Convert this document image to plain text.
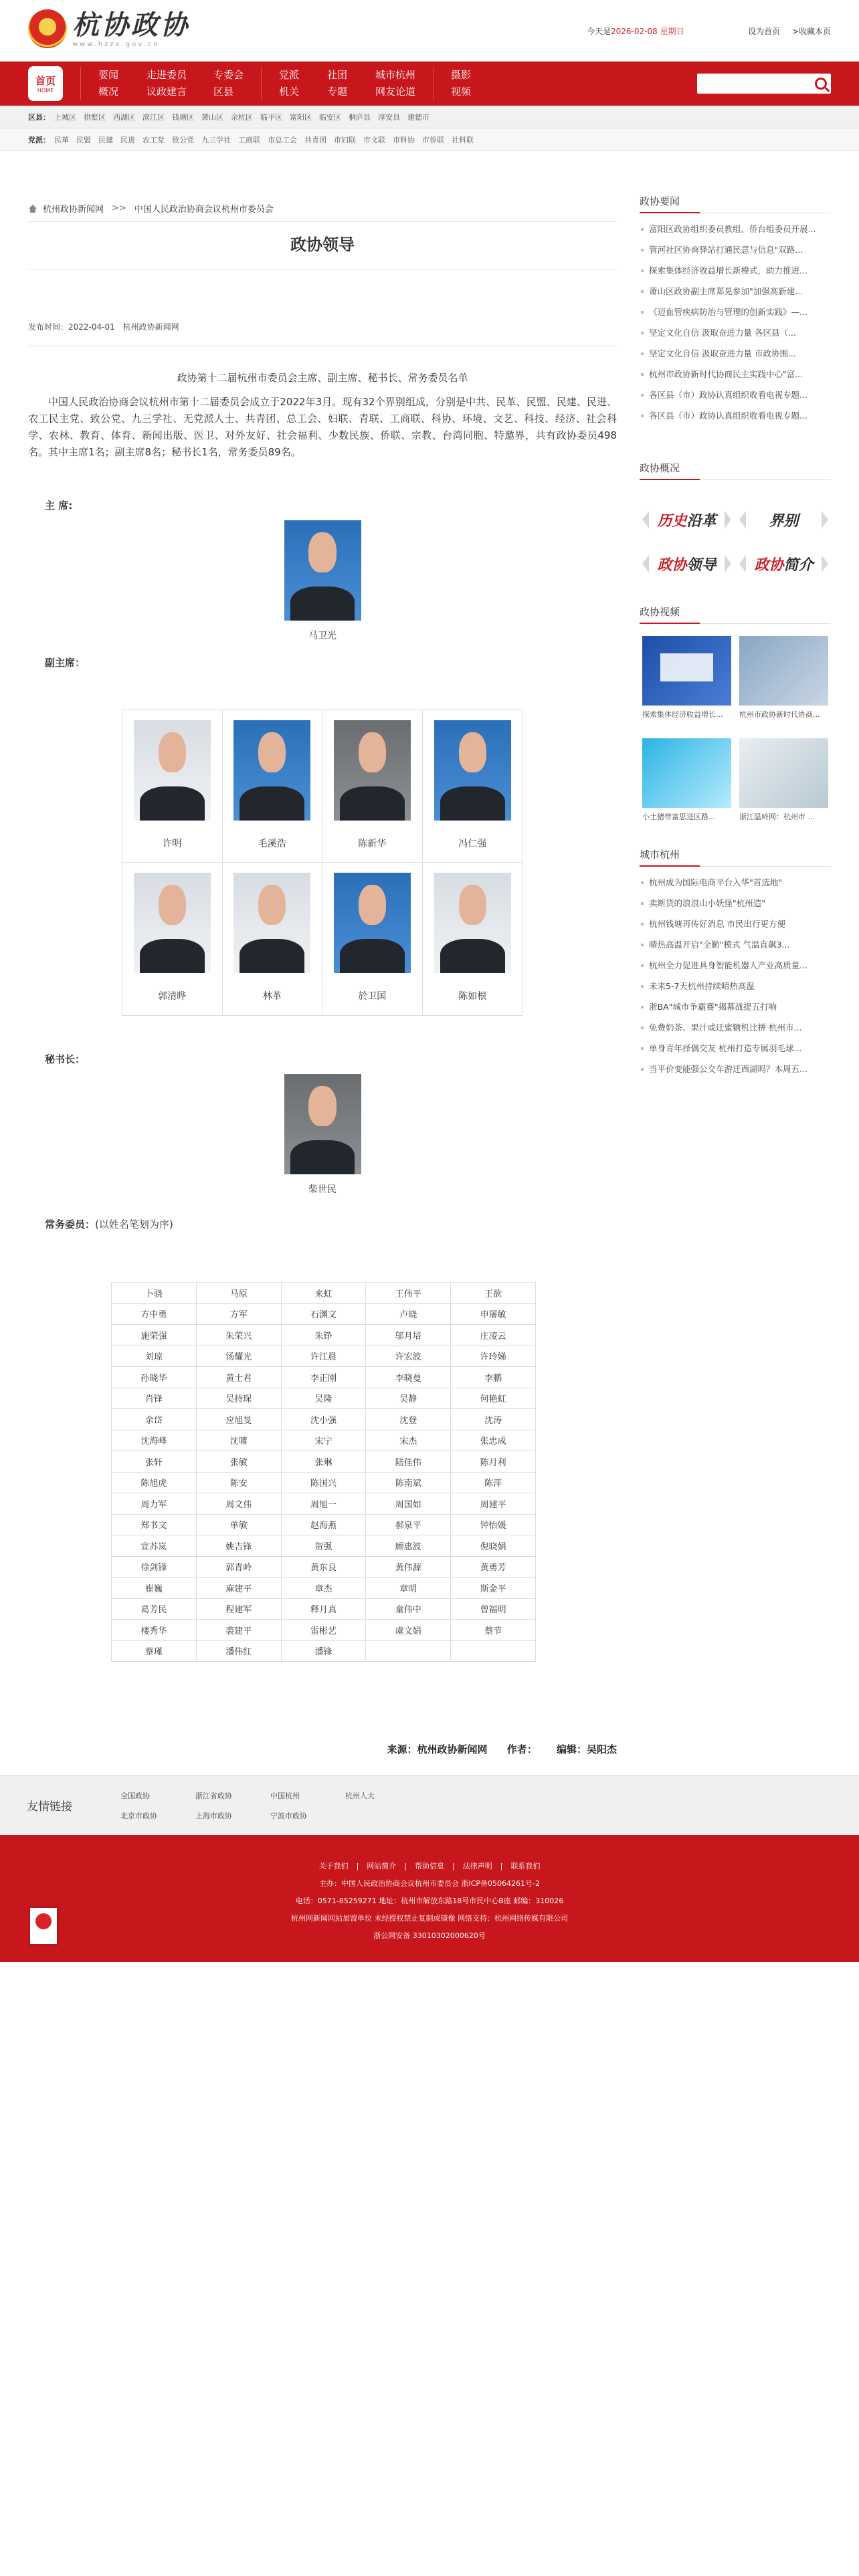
杭协政协
www.hzzx.gov.cn
今天是2026-02-08 星期日	设为首页 >收藏本页
首页
HOME
要闻	走进委员	专委会
概况	议政建言	区县
党派	社团	城市杭州
机关	专题	网友论道
摄影
视频
区县： 上城区 拱墅区 西湖区 滨江区 钱塘区 萧山区 余杭区 临平区 富阳区 临安区 桐庐县 淳安县 建德市
党派： 民革 民盟 民建 民进 农工党 致公党 九三学社 工商联 市总工会 共青团 市妇联 市文联 市科协 市侨联 社科联
杭州政协新闻网 >> 中国人民政治协商会议杭州市委员会
政协领导
发布时间：2022-04-01 杭州政协新闻网
政协第十二届杭州市委员会主席、副主席、秘书长、常务委员名单
中国人民政治协商会议杭州市第十二届委员会成立于2022年3月。现有32个界别组成，分别是中共、民革、民盟、民建、民进、农工民主党、致公党、九三学社、无党派人士、共青团、总工会、妇联、青联、工商联、科协、环境、文艺、科技、经济、社会科学、农林、教育、体育、新闻出版、医卫、对外友好、社会福利、少数民族、侨联、宗教、台湾同胞、特邀界，共有政协委员498名。其中主席1名；副主席8名；秘书长1名，常务委员89名。
主 席:
马卫光
副主席：
许明	毛溪浩	陈新华	冯仁强
郭清晔	林革	於卫国	陈如根
秘书长：
柴世民
常务委员：(以姓名笔划为序)
卜骁	马原	来虹	王伟平	王欲
方中勇	方军	石渊文	卢晓	申屠敏
施荣强	朱荣兴	朱铮	邬月培	庄凌云
刘琼	汤耀光	许江晨	许宏波	许玲娣
孙晓华	黄士君	李正刚	李晓曼	李鹏
肖锋	吴持琛	吴隆	吴静	何艳虹
余岱	应旭旻	沈小强	沈登	沈涛
沈海峰	沈啸	宋宁	宋杰	张忠成
张轩	张敏	张琳	陆佳伟	陈月利
陈旭虎	陈安	陈国兴	陈南斌	陈萍
周力军	周文伟	周旭一	周国如	周建平
郑书文	单敏	赵海燕	郝泉平	钟怡媛
宣苏岚	姚吉锋	贺强	顾惠波	倪晓娟
徐剑锋	郭青岭	黄东良	黄伟源	黄勇芳
崔巍	麻建平	章杰	章明	斯金平
葛芳民	程建军	释月真	童伟中	曾福明
楼秀华	裘建平	雷彬艺	虞文娟	蔡节
蔡瑾	潘伟红	潘锋		
来源：杭州政协新闻网 作者： 编辑：吴阳杰
政协要闻
富阳区政协组织委员教组、侨台组委员开展...
管河社区协商驿站打通民意与信息"双路...
探索集体经济收益增长新模式，助力推进...
萧山区政协副主席郑晃参加"加强高新建...
《迈血管疾病防治与管理的创新实践》—...
坚定文化自信 汲取奋进力量 各区县（...
坚定文化自信 汲取奋进力量 市政协围...
杭州市政协新时代协商民主实践中心"富...
各区县（市）政协认真组织收看电视专题...
各区县（市）政协认真组织收看电视专题...
政协概况
历史 沿革	界别
政协 领导	政协 简介
政协视频
探索集体经济收益增长...	杭州市政协新时代协商...
小土猪带富思进区路...	浙江温岭网：杭州市 ...
城市杭州
杭州成为国际电商平台入华"首选地"
卖断货的浪浪山小妖怪"杭州造"
杭州钱塘再传好消息 市民出行更方便
晴热高温开启"全勤"模式 气温直飙3...
杭州全力促进具身智能机器人产业高质量...
未来5-7天杭州持续晴热高温
浙BA"城市争霸赛"揭幕战提五打响
免费奶茶、果汁或迁蜜糖机比拼 杭州市...
单身青年择偶交友 杭州打造专属羽毛球...
当平价变能强公交车游迁西湖吗？本周五...
友情链接
全国政协	浙江省政协	中国杭州	杭州人大
北京市政协	上海市政协	宁波市政协
关于我们 | 网站简介 | 帮助信息 | 法律声明 | 联系我们

主办：中国人民政治协商会议杭州市委员会 浙ICP备05064261号-2

电话：0571-85259271 地址：杭州市解放东路18号市民中心B座 邮编：310026

杭州网新闻网站加盟单位 未经授权禁止复制或镜像 网络支持：杭州网络传媒有限公司

浙公网安备 33010302000620号
